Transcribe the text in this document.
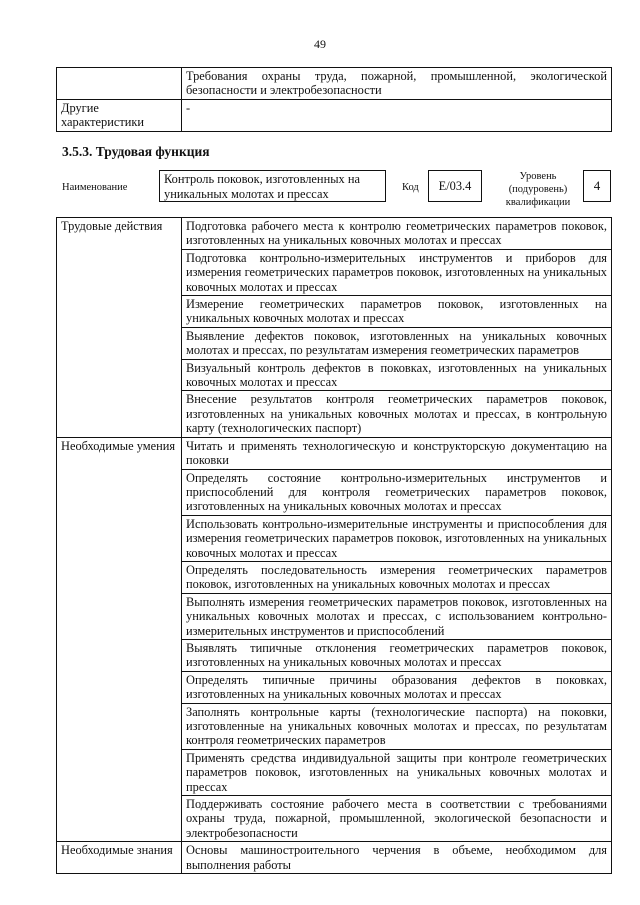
49
	Требования охраны труда, пожарной, промышленной, экологической безопасности и электробезопасности
Другие характеристики	-
3.5.3. Трудовая функция
Наименование
Контроль поковок, изготовленных на уникальных молотах и прессах	Код	E/03.4
Уровень (подуровень) квалификации
4
Трудовые действия	Подготовка рабочего места к контролю геометрических параметров поковок, изготовленных на уникальных ковочных молотах и прессах
	Подготовка контрольно-измерительных инструментов и приборов для измерения геометрических параметров поковок, изготовленных на уникальных ковочных молотах и прессах
	Измерение геометрических параметров поковок, изготовленных на уникальных ковочных молотах и прессах
	Выявление дефектов поковок, изготовленных на уникальных ковочных молотах и прессах, по результатам измерения геометрических параметров
	Визуальный контроль дефектов в поковках, изготовленных на уникальных ковочных молотах и прессах
	Внесение результатов контроля геометрических параметров поковок, изготовленных на уникальных ковочных молотах и прессах, в контрольную карту (технологических паспорт)
Необходимые умения	Читать и применять технологическую и конструкторскую документацию на поковки
	Определять состояние контрольно-измерительных инструментов и приспособлений для контроля геометрических параметров поковок, изготовленных на уникальных ковочных молотах и прессах
	Использовать контрольно-измерительные инструменты и приспособления для измерения геометрических параметров поковок, изготовленных на уникальных ковочных молотах и прессах
	Определять последовательность измерения геометрических параметров поковок, изготовленных на уникальных ковочных молотах и прессах
	Выполнять измерения геометрических параметров поковок, изготовленных на уникальных ковочных молотах и прессах, с использованием контрольно-измерительных инструментов и приспособлений
	Выявлять типичные отклонения геометрических параметров поковок, изготовленных на уникальных ковочных молотах и прессах
	Определять типичные причины образования дефектов в поковках, изготовленных на уникальных ковочных молотах и прессах
	Заполнять контрольные карты (технологические паспорта) на поковки, изготовленные на уникальных ковочных молотах и прессах, по результатам контроля геометрических параметров
	Применять средства индивидуальной защиты при контроле геометрических параметров поковок, изготовленных на уникальных ковочных молотах и прессах
	Поддерживать состояние рабочего места в соответствии с требованиями охраны труда, пожарной, промышленной, экологической безопасности и электробезопасности
Необходимые знания	Основы машиностроительного черчения в объеме, необходимом для выполнения работы
